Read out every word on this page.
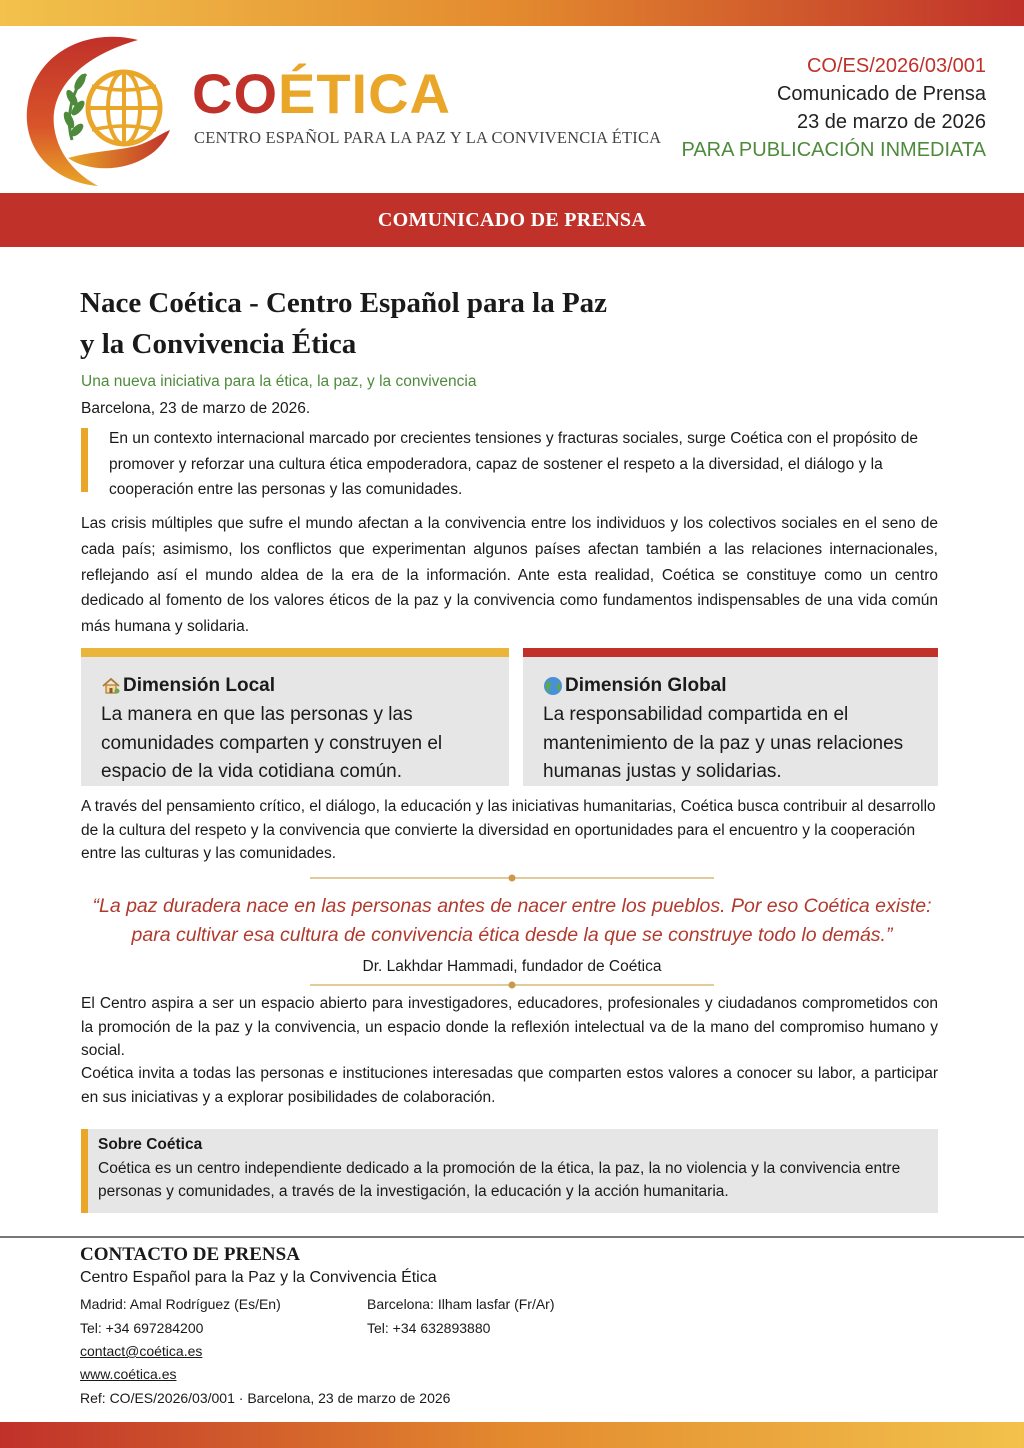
COÉTICA
CENTRO ESPAÑOL PARA LA PAZ Y LA CONVIVENCIA ÉTICA
CO/ES/2026/03/001
Comunicado de Prensa
23 de marzo de 2026
PARA PUBLICACIÓN INMEDIATA
COMUNICADO DE PRENSA
Nace Coética - Centro Español para la Paz
y la Convivencia Ética
Una nueva iniciativa para la ética, la paz, y la convivencia
Barcelona, 23 de marzo de 2026.

En un contexto internacional marcado por crecientes tensiones y fracturas sociales, surge Coética con el propósito de promover y reforzar una cultura ética empoderadora, capaz de sostener el respeto a la diversidad, el diálogo y la cooperación entre las personas y las comunidades.

Las crisis múltiples que sufre el mundo afectan a la convivencia entre los individuos y los colectivos sociales en el seno de cada país; asimismo, los conflictos que experimentan algunos países afectan también a las relaciones internacionales, reflejando así el mundo aldea de la era de la información. Ante esta realidad, Coética se constituye como un centro dedicado al fomento de los valores éticos de la paz y la convivencia como fundamentos indispensables de una vida común más humana y solidaria.

Dimensión Local
La manera en que las personas y las comunidades comparten y construyen el espacio de la vida cotidiana común.
Dimensión Global
La responsabilidad compartida en el mantenimiento de la paz y unas relaciones humanas justas y solidarias.

A través del pensamiento crítico, el diálogo, la educación y las iniciativas humanitarias, Coética busca contribuir al desarrollo de la cultura del respeto y la convivencia que convierte la diversidad en oportunidades para el encuentro y la cooperación entre las culturas y las comunidades.

“La paz duradera nace en las personas antes de nacer entre los pueblos. Por eso Coética existe: para cultivar esa cultura de convivencia ética desde la que se construye todo lo demás.”

Dr. Lakhdar Hammadi, fundador de Coética

El Centro aspira a ser un espacio abierto para investigadores, educadores, profesionales y ciudadanos comprometidos con la promoción de la paz y la convivencia, un espacio donde la reflexión intelectual va de la mano del compromiso humano y social.

Coética invita a todas las personas e instituciones interesadas que comparten estos valores a conocer su labor, a participar en sus iniciativas y a explorar posibilidades de colaboración.

Sobre Coética
Coética es un centro independiente dedicado a la promoción de la ética, la paz, la no violencia y la convivencia entre personas y comunidades, a través de la investigación, la educación y la acción humanitaria.
CONTACTO DE PRENSA
Centro Español para la Paz y la Convivencia Ética
Madrid: Amal Rodríguez (Es/En)	Barcelona: Ilham lasfar (Fr/Ar)
Tel: +34 697284200	Tel: +34 632893880
contact@coética.es
www.coética.es
Ref: CO/ES/2026/03/001 · Barcelona, 23 de marzo de 2026
